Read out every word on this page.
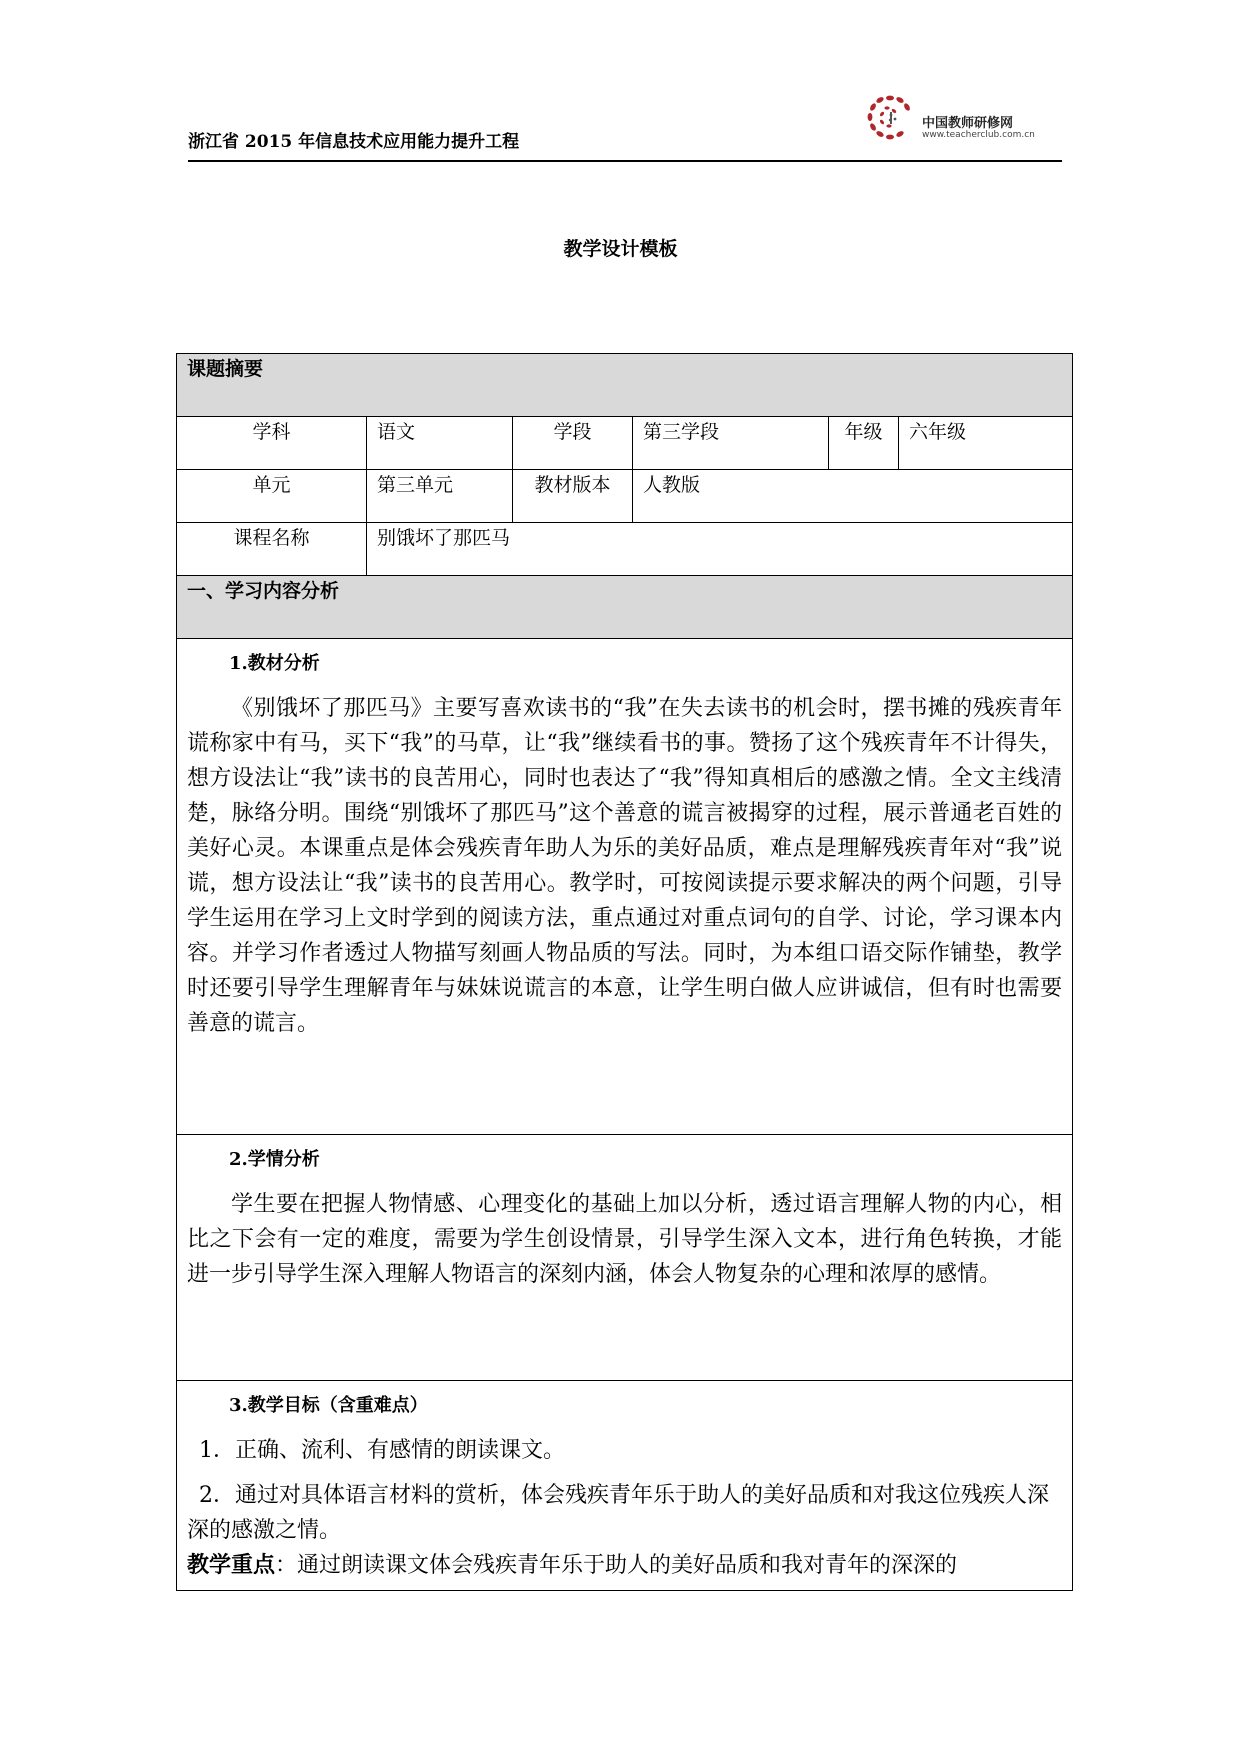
浙江省 2015 年信息技术应用能力提升工程
中国教师研修网
www.teacherclub.com.cn
教学设计模板
课题摘要					
学科	语文	学段	第三学段	年级	六年级
单元	第三单元	教材版本	人教版		
课程名称	别饿坏了那匹马				
一、学习内容分析					

1.教材分析

《别饿坏了那匹马》主要写喜欢读书的“我”在失去读书的机会时，摆书摊的残疾青年谎称家中有马，买下“我”的马草，让“我”继续看书的事。赞扬了这个残疾青年不计得失，想方设法让“我”读书的良苦用心，同时也表达了“我”得知真相后的感激之情。全文主线清楚，脉络分明。围绕“别饿坏了那匹马”这个善意的谎言被揭穿的过程，展示普通老百姓的美好心灵。本课重点是体会残疾青年助人为乐的美好品质，难点是理解残疾青年对“我”说谎，想方设法让“我”读书的良苦用心。教学时，可按阅读提示要求解决的两个问题，引导学生运用在学习上文时学到的阅读方法，重点通过对重点词句的自学、讨论，学习课本内容。并学习作者透过人物描写刻画人物品质的写法。同时，为本组口语交际作铺垫，教学时还要引导学生理解青年与妹妹说谎言的本意，让学生明白做人应讲诚信，但有时也需要善意的谎言。					

2.学情分析

学生要在把握人物情感、心理变化的基础上加以分析，透过语言理解人物的内心，相比之下会有一定的难度，需要为学生创设情景，引导学生深入文本，进行角色转换，才能进一步引导学生深入理解人物语言的深刻内涵，体会人物复杂的心理和浓厚的感情。					

3.教学目标（含重难点）

1．正确、流利、有感情的朗读课文。

2．通过对具体语言材料的赏析，体会残疾青年乐于助人的美好品质和对我这位残疾人深深的感激之情。

教学重点：通过朗读课文体会残疾青年乐于助人的美好品质和我对青年的深深的					
